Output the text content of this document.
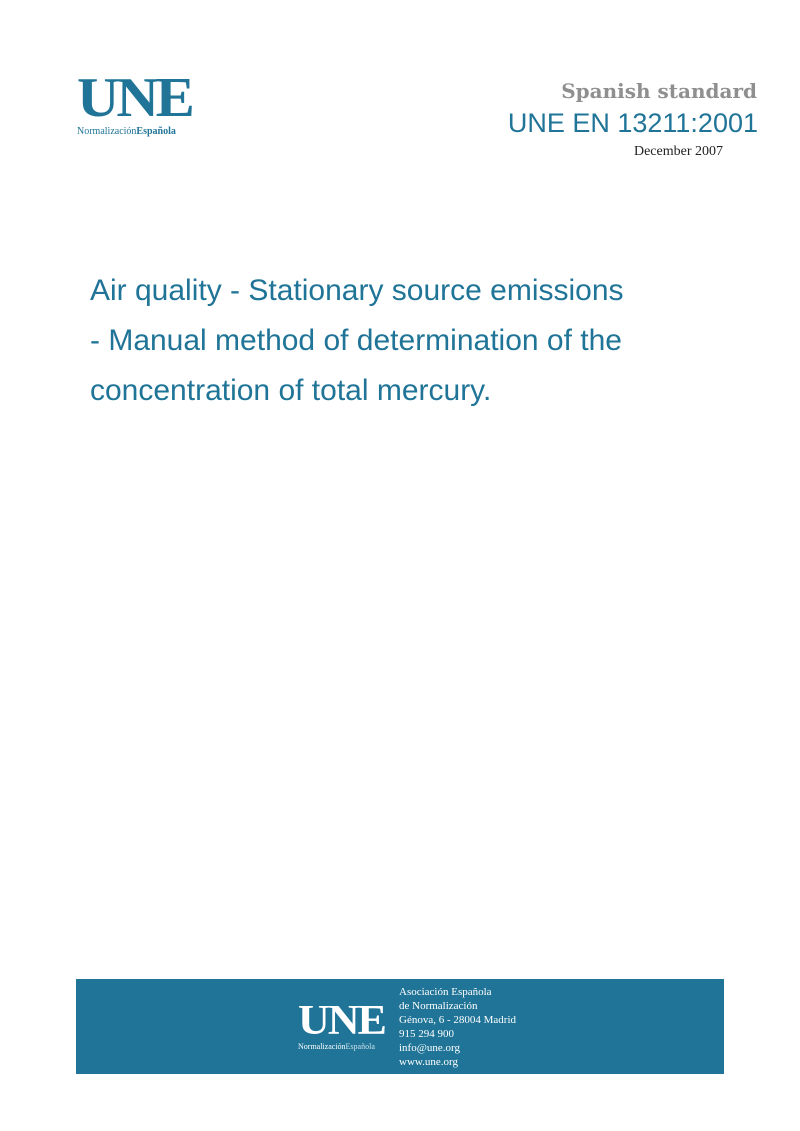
UNE
NormalizaciónEspañola
Spanish standard
UNE EN 13211:2001
December 2007
Air quality - Stationary source emissions
- Manual method of determination of the
concentration of total mercury.
UNE
NormalizaciónEspañola
Asociación Española
de Normalización
Génova, 6 - 28004 Madrid
915 294 900
info@une.org
www.une.org
